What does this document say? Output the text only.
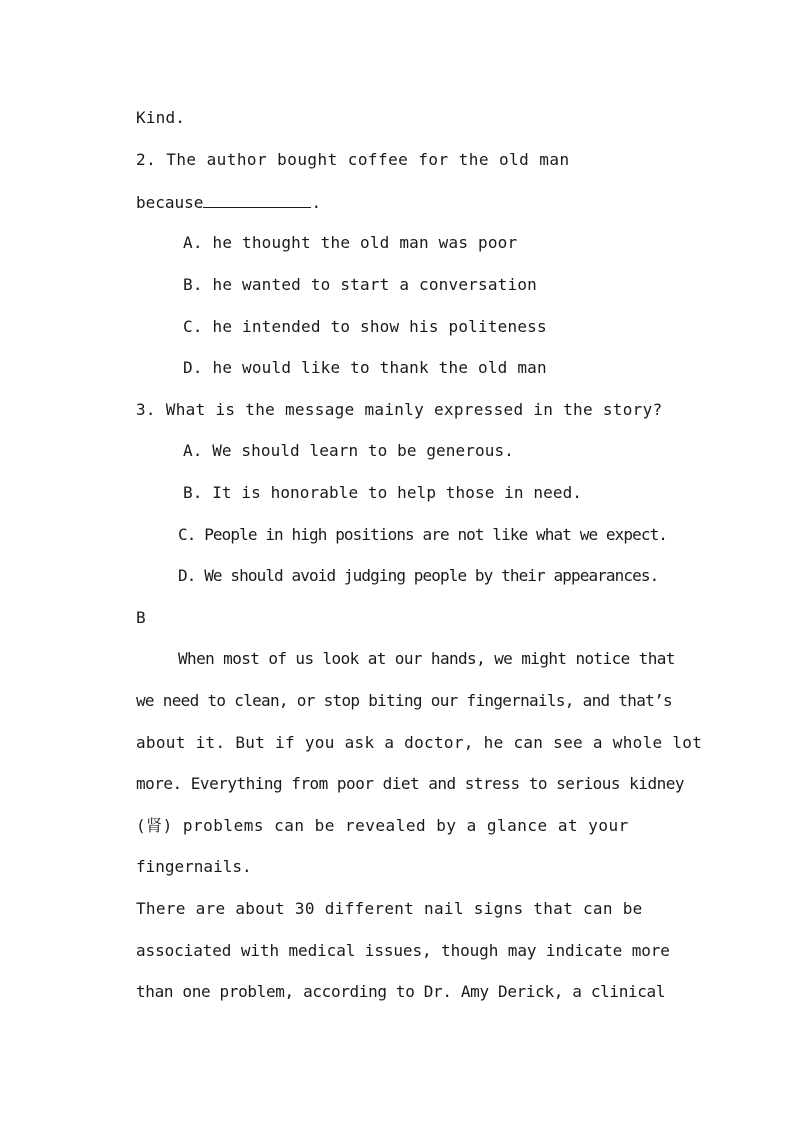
Kind.
2. The author bought coffee for the old man
because	.
A. he thought the old man was poor
B. he wanted to start a conversation
C. he intended to show his politeness
D. he would like to thank the old man
3. What is the message mainly expressed in the story?
A. We should learn to be generous.
B. It is honorable to help those in need.
C. People in high positions are not like what we expect.
D. We should avoid judging people by their appearances.
B
When most of us look at our hands, we might notice that
we need to clean, or stop biting our fingernails, and that’s
about it. But if you ask a doctor, he can see a whole lot
more. Everything from poor diet and stress to serious kidney
(肾) problems can be revealed by a glance at your
fingernails.
There are about 30 different nail signs that can be
associated with medical issues, though may indicate more
than one problem, according to Dr. Amy Derick, a clinical
